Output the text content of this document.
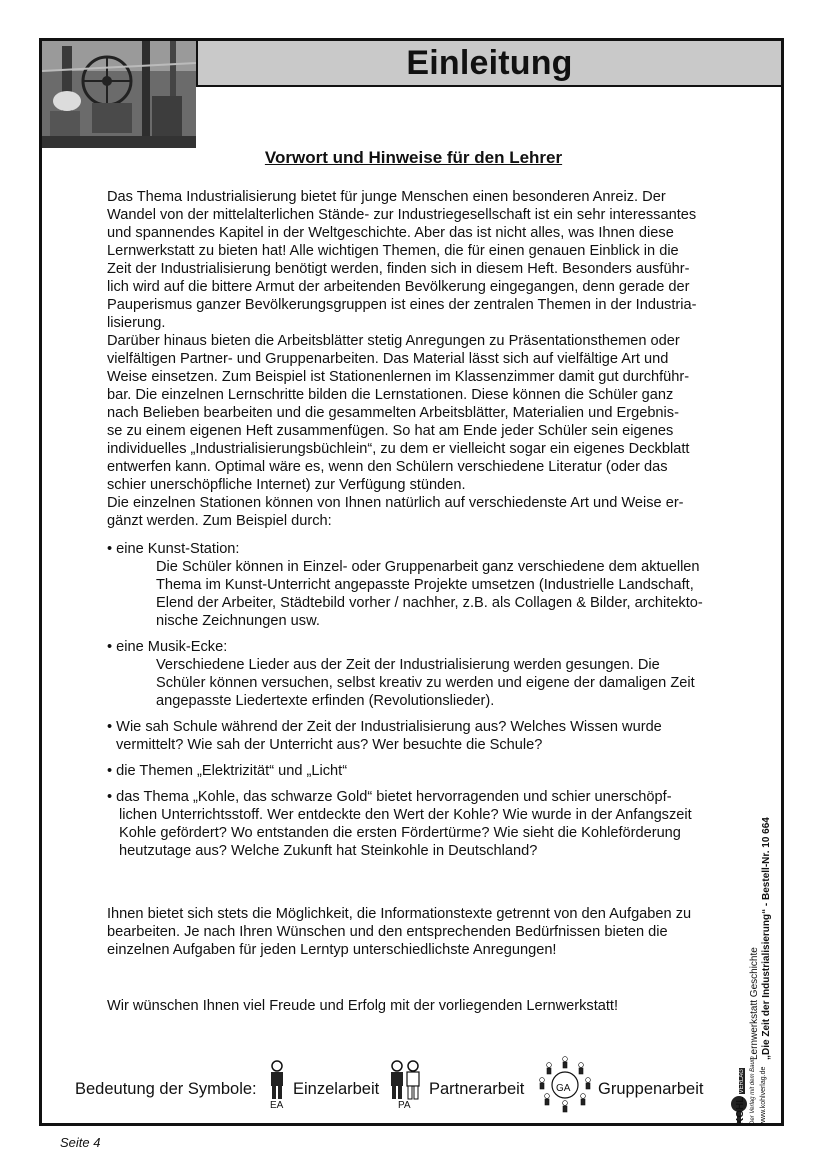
Einleitung
Vorwort und Hinweise für den Lehrer

Das Thema Industrialisierung bietet für junge Menschen einen besonderen Anreiz. Der
Wandel von der mittelalterlichen Stände- zur Industriegesellschaft ist ein sehr interessantes
und spannendes Kapitel in der Weltgeschichte. Aber das ist nicht alles, was Ihnen diese
Lernwerkstatt zu bieten hat! Alle wichtigen Themen, die für einen genauen Einblick in die
Zeit der Industrialisierung benötigt werden, finden sich in diesem Heft. Besonders ausführ-
lich wird auf die bittere Armut der arbeitenden Bevölkerung eingegangen, denn gerade der
Pauperismus ganzer Bevölkerungsgruppen ist eines der zentralen Themen in der Industria-
lisierung.

Darüber hinaus bieten die Arbeitsblätter stetig Anregungen zu Präsentationsthemen oder
vielfältigen Partner- und Gruppenarbeiten. Das Material lässt sich auf vielfältige Art und
Weise einsetzen. Zum Beispiel ist Stationenlernen im Klassenzimmer damit gut durchführ-
bar. Die einzelnen Lernschritte bilden die Lernstationen. Diese können die Schüler ganz
nach Belieben bearbeiten und die gesammelten Arbeitsblätter, Materialien und Ergebnis-
se zu einem eigenen Heft zusammenfügen. So hat am Ende jeder Schüler sein eigenes
individuelles „Industrialisierungsbüchlein“, zu dem er vielleicht sogar ein eigenes Deckblatt
entwerfen kann. Optimal wäre es, wenn den Schülern verschiedene Literatur (oder das
schier unerschöpfliche Internet) zur Verfügung stünden.

Die einzelnen Stationen können von Ihnen natürlich auf verschiedenste Art und Weise er-
gänzt werden. Zum Beispiel durch:

• eine Kunst-Station:
Die Schüler können in Einzel- oder Gruppenarbeit ganz verschiedene dem aktuellen
Thema im Kunst-Unterricht angepasste Projekte umsetzen (Industrielle Landschaft,
Elend der Arbeiter, Städtebild vorher / nachher, z.B. als Collagen & Bilder, architekto-
nische Zeichnungen usw.
• eine Musik-Ecke:
Verschiedene Lieder aus der Zeit der Industrialisierung werden gesungen. Die
Schüler können versuchen, selbst kreativ zu werden und eigene der damaligen Zeit
angepasste Liedertexte erfinden (Revolutionslieder).
• Wie sah Schule während der Zeit der Industrialisierung aus? Welches Wissen wurde
vermittelt? Wie sah der Unterricht aus? Wer besuchte die Schule?
• die Themen „Elektrizität“ und „Licht“
• das Thema „Kohle, das schwarze Gold“ bietet hervorragenden und schier unerschöpf-
lichen Unterrichtsstoff. Wer entdeckte den Wert der Kohle? Wie wurde in der Anfangszeit
Kohle gefördert? Wo entstanden die ersten Fördertürme? Wie sieht die Kohleförderung
heutzutage aus? Welche Zukunft hat Steinkohle in Deutschland?
Ihnen bietet sich stets die Möglichkeit, die Informationstexte getrennt von den Aufgaben zu
bearbeiten. Je nach Ihren Wünschen und den entsprechenden Bedürfnissen bieten die
einzelnen Aufgaben für jeden Lerntyp unterschiedlichste Anregungen!
Wir wünschen Ihnen viel Freude und Erfolg mit der vorliegenden Lernwerkstatt!
Bedeutung der Symbole:
EA
Einzelarbeit
PA
Partnerarbeit	GA Gruppenarbeit
Lernwerkstatt Geschichte
„Die Zeit der Industrialisierung“ - Bestell-Nr. 10 664
KOHL VERLAG Der Verlag mit dem Baum www.kohlverlag.de
Seite 4
